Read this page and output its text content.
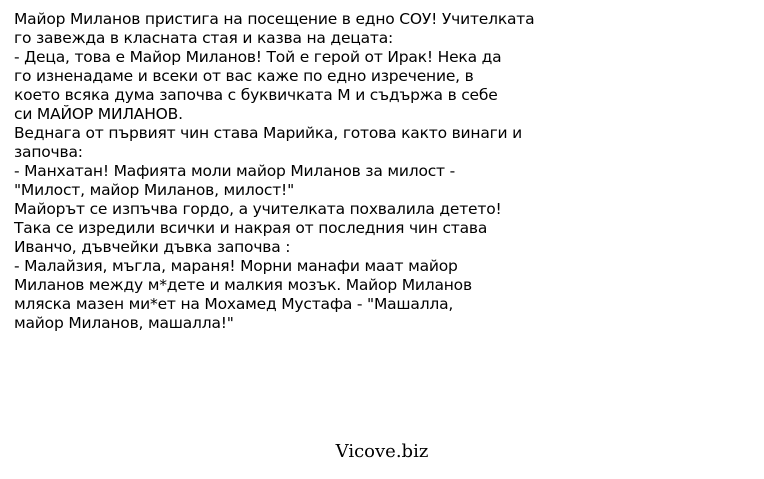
Майор Миланов пристига на посещение в едно СОУ! Учителката
го завежда в класната стая и казва на децата:
- Деца, това е Майор Миланов! Той е герой от Ирак! Нека да
го изненадаме и всеки от вас каже по едно изречение, в
което всяка дума започва с буквичката М и съдържа в себе
си МАЙОР МИЛАНОВ.
Веднага от първият чин става Марийка, готова както винаги и
започва:
- Манхатан! Мафията моли майор Миланов за милост -
"Милост, майор Миланов, милост!"
Майорът се изпъчва гордо, а учителката похвалила детето!
Така се изредили всички и накрая от последния чин става
Иванчо, дъвчейки дъвка започва :
- Малайзия, мъгла, мараня! Морни манафи маат майор
Миланов между м*дете и малкия мозък. Майор Миланов
мляска мазен ми*ет на Мохамед Мустафа - "Машалла,
майор Миланов, машалла!"
Vicove.biz
